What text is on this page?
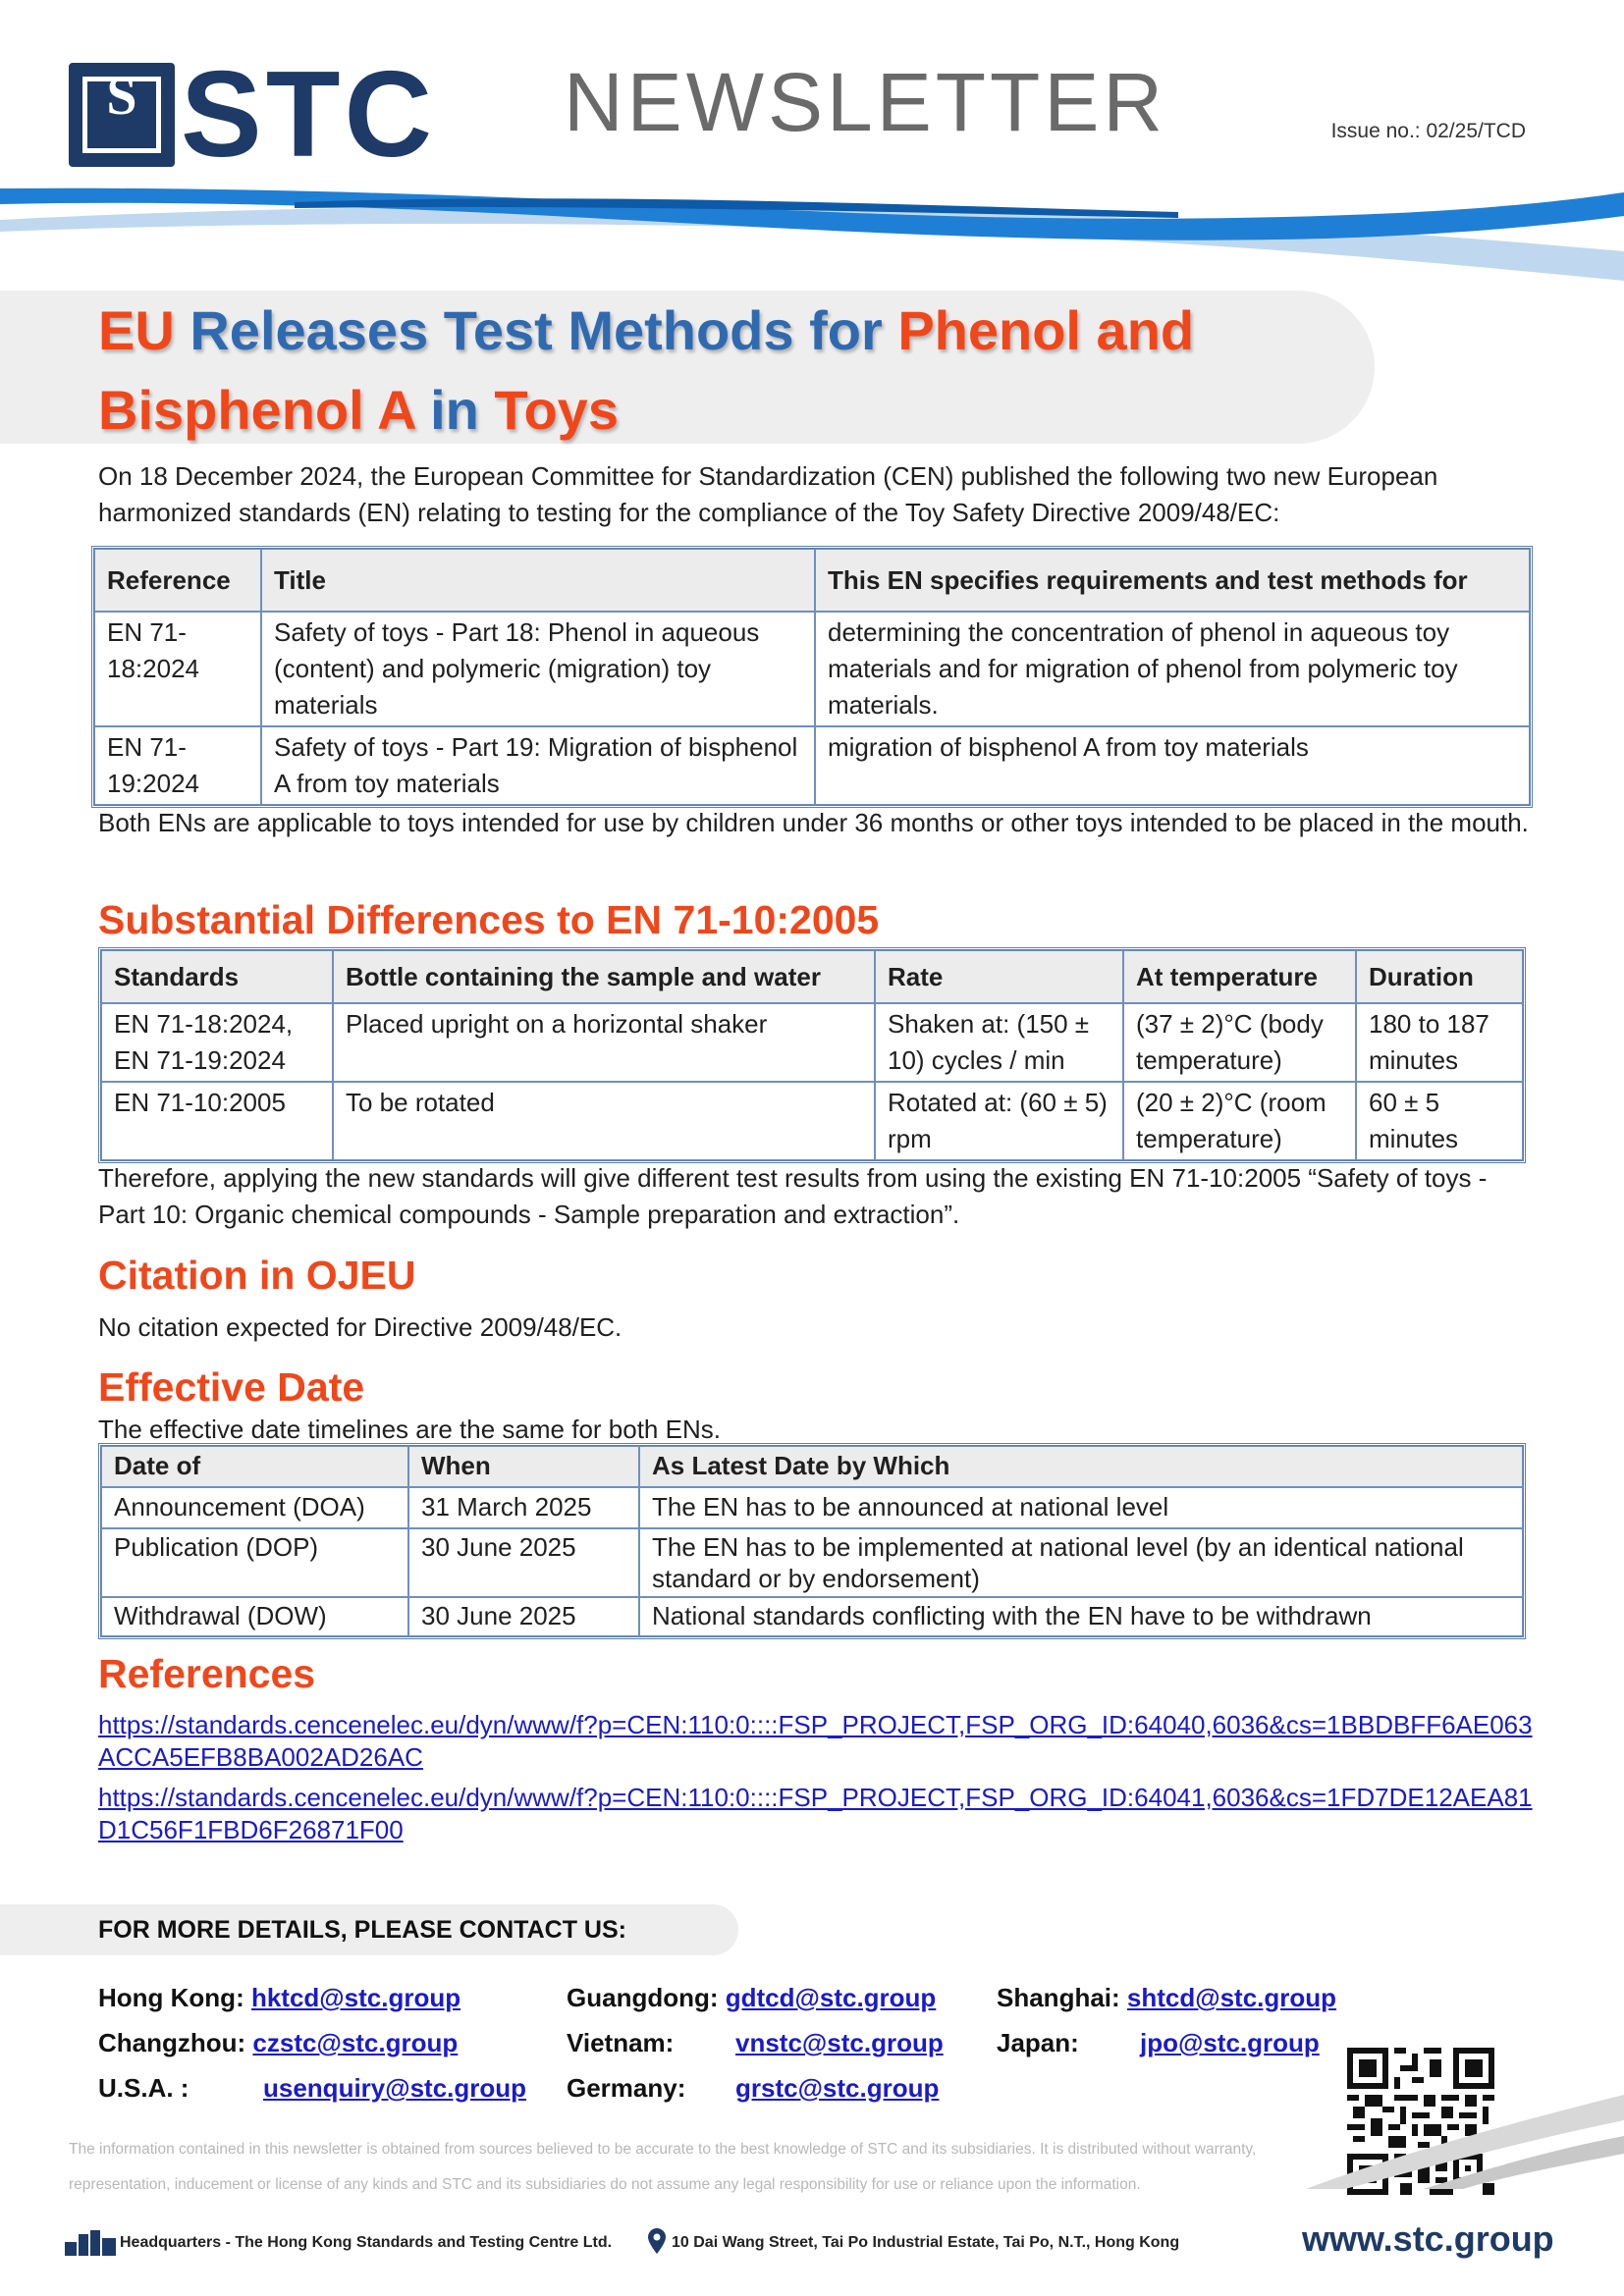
S STC NEWSLETTER	Issue no.: 02/25/TCD
EU Releases Test Methods for Phenol and Bisphenol A in Toys
On 18 December 2024, the European Committee for Standardization (CEN) published the following two new European harmonized standards (EN) relating to testing for the compliance of the Toy Safety Directive 2009/48/EC:
Reference	Title	This EN specifies requirements and test methods for
EN 71-18:2024	Safety of toys - Part 18: Phenol in aqueous (content) and polymeric (migration) toy materials	determining the concentration of phenol in aqueous toy materials and for migration of phenol from polymeric toy materials.
EN 71-19:2024	Safety of toys - Part 19: Migration of bisphenol A from toy materials	migration of bisphenol A from toy materials
Both ENs are applicable to toys intended for use by children under 36 months or other toys intended to be placed in the mouth.
Substantial Differences to EN 71-10:2005
Standards	Bottle containing the sample and water	Rate	At temperature	Duration
EN 71-18:2024, EN 71-19:2024	Placed upright on a horizontal shaker	Shaken at: (150 ± 10) cycles / min	(37 ± 2)°C (body temperature)	180 to 187 minutes
EN 71-10:2005	To be rotated	Rotated at: (60 ± 5) rpm	(20 ± 2)°C (room temperature)	60 ± 5 minutes
Therefore, applying the new standards will give different test results from using the existing EN 71-10:2005 “Safety of toys - Part 10: Organic chemical compounds - Sample preparation and extraction”.
Citation in OJEU
No citation expected for Directive 2009/48/EC.
Effective Date
The effective date timelines are the same for both ENs.
Date of	When	As Latest Date by Which
Announcement (DOA)	31 March 2025	The EN has to be announced at national level
Publication (DOP)	30 June 2025	The EN has to be implemented at national level (by an identical national standard or by endorsement)
Withdrawal (DOW)	30 June 2025	National standards conflicting with the EN have to be withdrawn
References
https://standards.cencenelec.eu/dyn/www/f?p=CEN:110:0::::FSP_PROJECT,FSP_ORG_ID:64040,6036&cs=1BBDBFF6AE063ACCA5EFB8BA002AD26AC
https://standards.cencenelec.eu/dyn/www/f?p=CEN:110:0::::FSP_PROJECT,FSP_ORG_ID:64041,6036&cs=1FD7DE12AEA81D1C56F1FBD6F26871F00
FOR MORE DETAILS, PLEASE CONTACT US:
Hong Kong: hktcd@stc.group	Guangdong: gdtcd@stc.group Shanghai: shtcd@stc.group
Changzhou: czstc@stc.group	Vietnam: vnstc@stc.group Japan: jpo@stc.group
U.S.A. :	usenquiry@stc.group Germany: grstc@stc.group
The information contained in this newsletter is obtained from sources believed to be accurate to the best knowledge of STC and its subsidiaries. It is distributed without warranty, representation, inducement or license of any kinds and STC and its subsidiaries do not assume any legal responsibility for use or reliance upon the information.
Headquarters - The Hong Kong Standards and Testing Centre Ltd.	10 Dai Wang Street, Tai Po Industrial Estate, Tai Po, N.T., Hong Kong	www.stc.group
